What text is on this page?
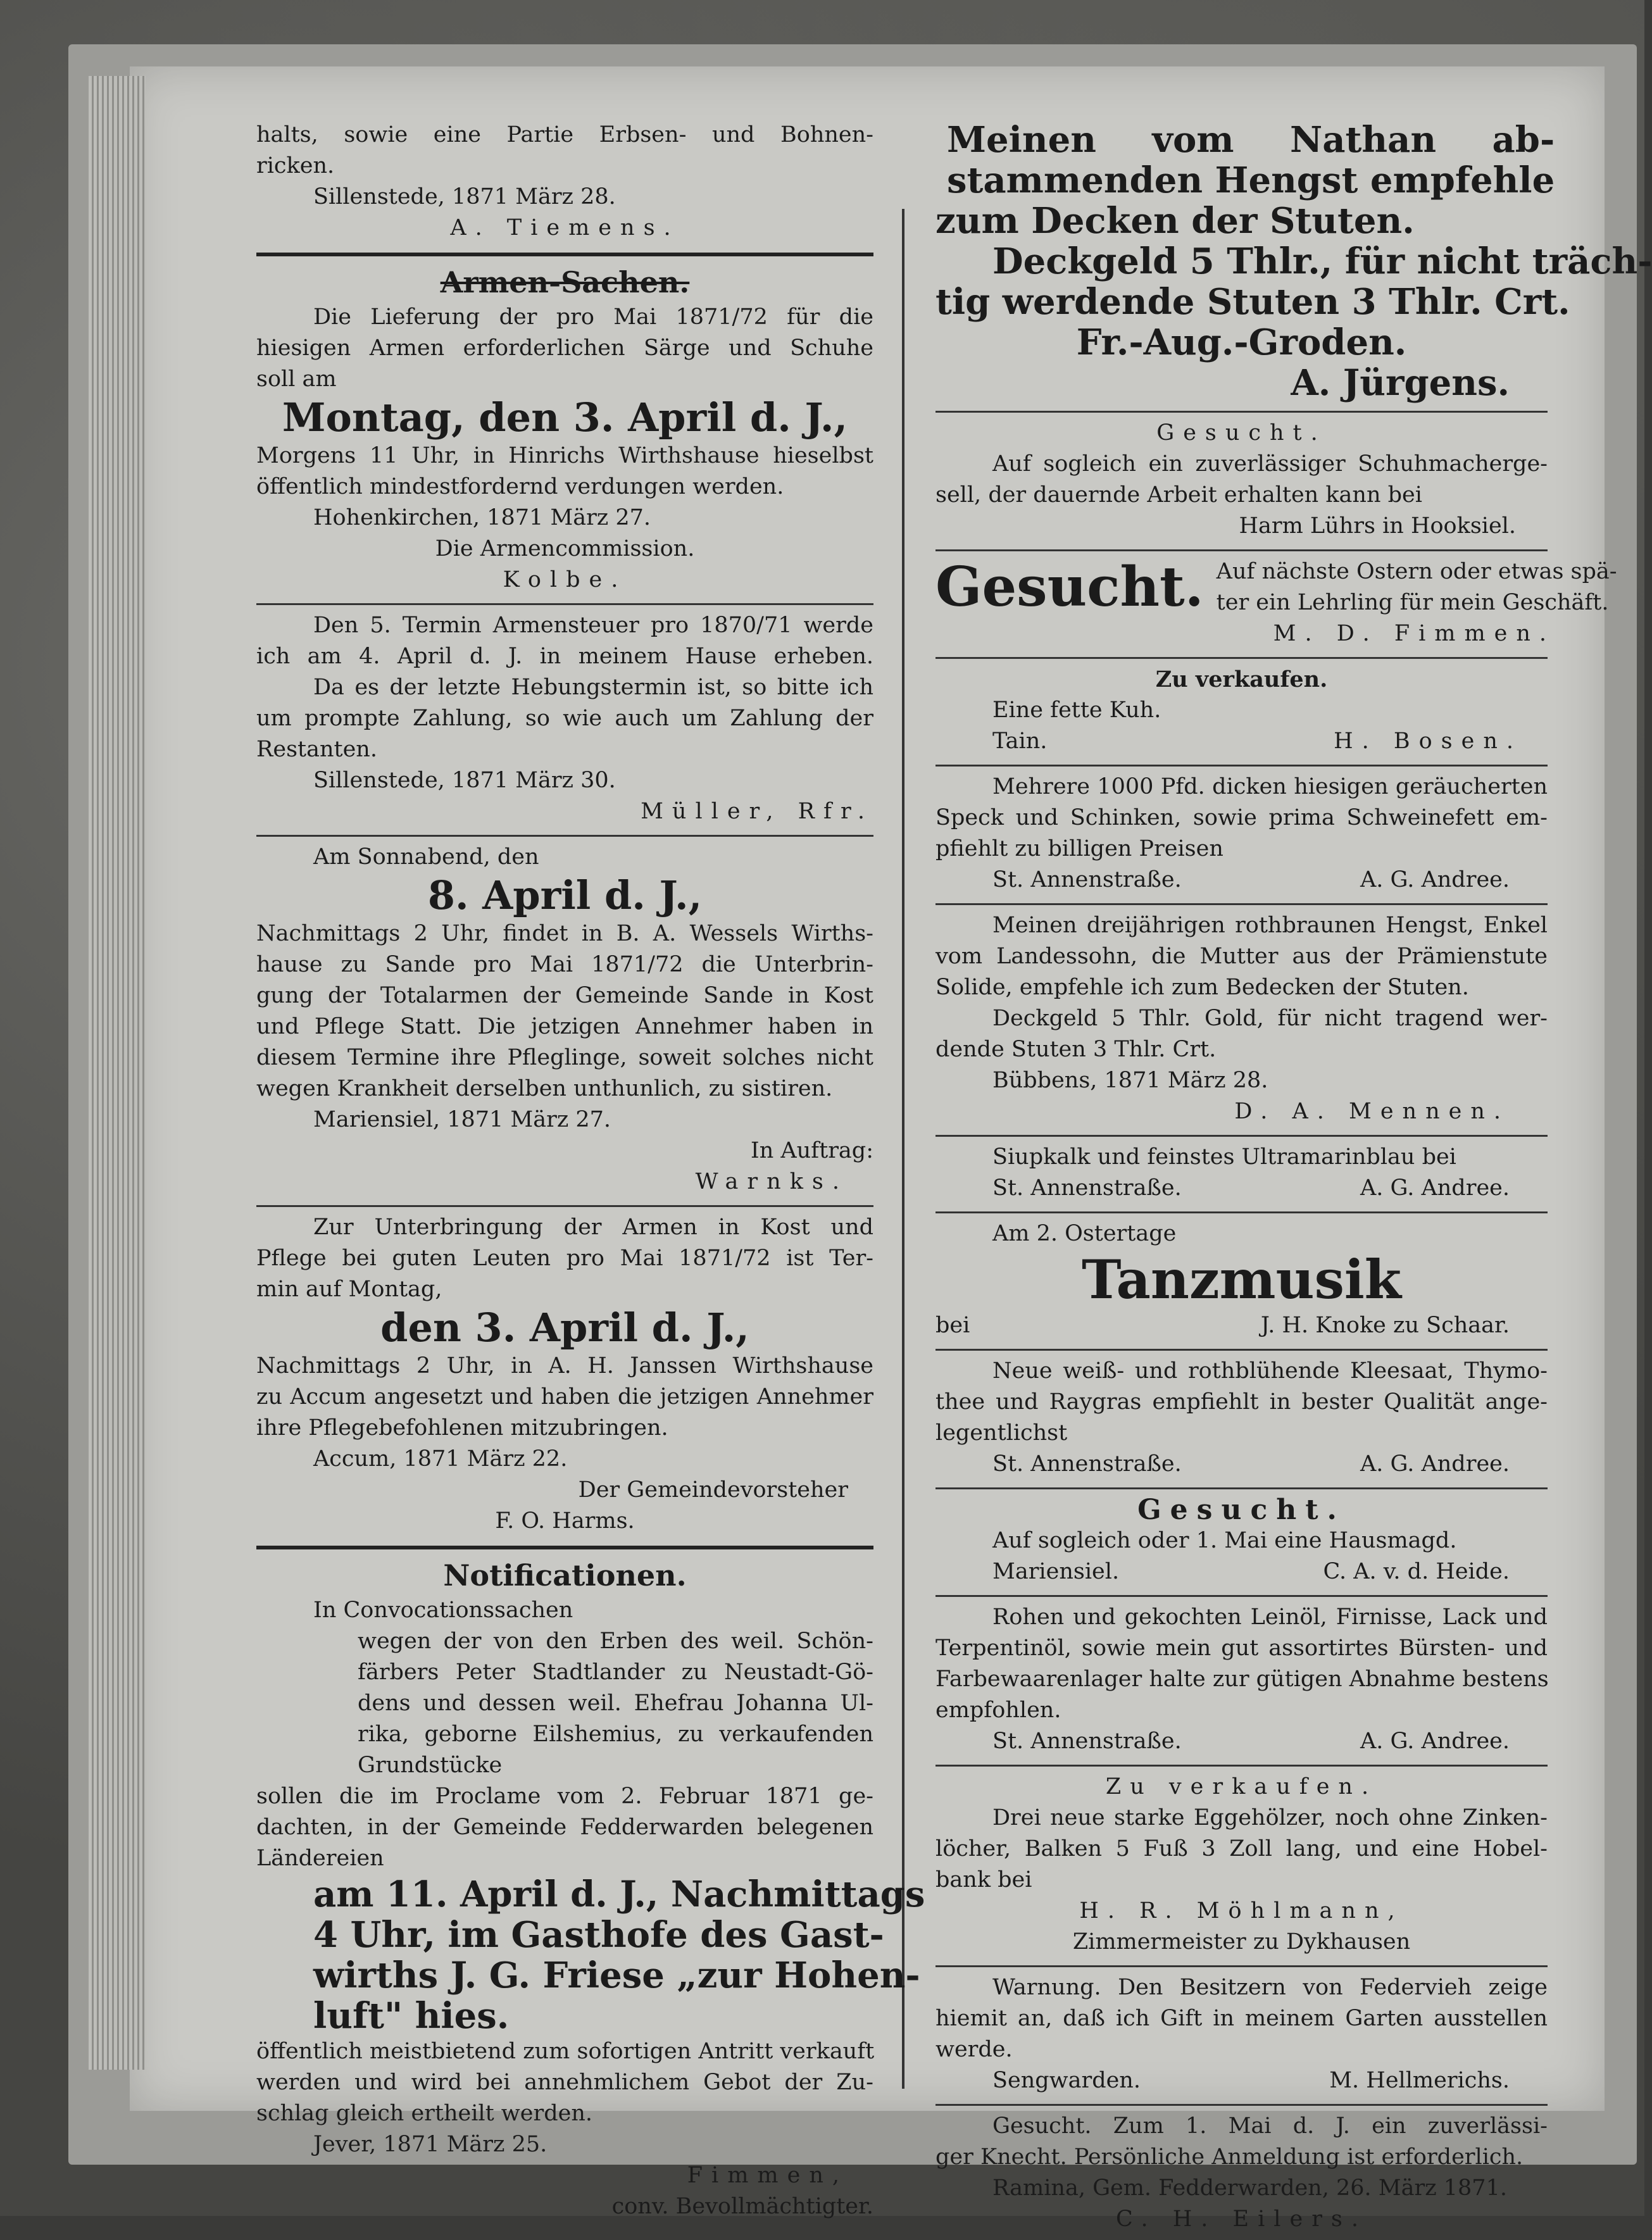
halts, sowie eine Partie Erbsen- und Bohnen-
ricken.
Sillenstede, 1871 März 28.
A. Tiemens.
Armen-Sachen.
Die Lieferung der pro Mai 1871/72 für die
hiesigen Armen erforderlichen Särge und Schuhe
soll am
Montag, den 3. April d. J.,
Morgens 11 Uhr, in Hinrichs Wirthshause hieselbst
öffentlich mindestfordernd verdungen werden.
Hohenkirchen, 1871 März 27.
Die Armencommission.
Kolbe.
Den 5. Termin Armensteuer pro 1870/71 werde
ich am 4. April d. J. in meinem Hause erheben.
Da es der letzte Hebungstermin ist, so bitte ich
um prompte Zahlung, so wie auch um Zahlung der
Restanten.
Sillenstede, 1871 März 30.
Müller, Rfr.
Am Sonnabend, den
8. April d. J.,
Nachmittags 2 Uhr, findet in B. A. Wessels Wirths-
hause zu Sande pro Mai 1871/72 die Unterbrin-
gung der Totalarmen der Gemeinde Sande in Kost
und Pflege Statt. Die jetzigen Annehmer haben in
diesem Termine ihre Pfleglinge, soweit solches nicht
wegen Krankheit derselben unthunlich, zu sistiren.
Mariensiel, 1871 März 27.
In Auftrag:
Warnks.
Zur Unterbringung der Armen in Kost und
Pflege bei guten Leuten pro Mai 1871/72 ist Ter-
min auf Montag,
den 3. April d. J.,
Nachmittags 2 Uhr, in A. H. Janssen Wirthshause
zu Accum angesetzt und haben die jetzigen Annehmer
ihre Pflegebefohlenen mitzubringen.
Accum, 1871 März 22.
Der Gemeindevorsteher
F. O. Harms.
Notificationen.
In Convocationssachen
wegen der von den Erben des weil. Schön-
färbers Peter Stadtlander zu Neustadt-Gö-
dens und dessen weil. Ehefrau Johanna Ul-
rika, geborne Eilshemius, zu verkaufenden
Grundstücke
sollen die im Proclame vom 2. Februar 1871 ge-
dachten, in der Gemeinde Fedderwarden belegenen
Ländereien
am 11. April d. J., Nachmittags
4 Uhr, im Gasthofe des Gast-
wirths J. G. Friese „zur Hohen-
luft" hies.
öffentlich meistbietend zum sofortigen Antritt verkauft
werden und wird bei annehmlichem Gebot der Zu-
schlag gleich ertheilt werden.
Jever, 1871 März 25.
Fimmen,
conv. Bevollmächtigter.
Meinen vom Nathan ab-
stammenden Hengst empfehle
zum Decken der Stuten.
Deckgeld 5 Thlr., für nicht träch-
tig werdende Stuten 3 Thlr. Crt.
Fr.-Aug.-Groden.
A. Jürgens.
Gesucht.
Auf sogleich ein zuverlässiger Schuhmacherge-
sell, der dauernde Arbeit erhalten kann bei
Harm Lührs in Hooksiel.
Gesucht. Auf nächste Ostern oder etwas spä-
ter ein Lehrling für mein Geschäft.
M. D. Fimmen.
Zu verkaufen.
Eine fette Kuh.
Tain.	H. Bosen.
Mehrere 1000 Pfd. dicken hiesigen geräucherten
Speck und Schinken, sowie prima Schweinefett em-
pfiehlt zu billigen Preisen
St. Annenstraße.	A. G. Andree.
Meinen dreijährigen rothbraunen Hengst, Enkel
vom Landessohn, die Mutter aus der Prämienstute
Solide, empfehle ich zum Bedecken der Stuten.
Deckgeld 5 Thlr. Gold, für nicht tragend wer-
dende Stuten 3 Thlr. Crt.
Bübbens, 1871 März 28.
D. A. Mennen.
Siupkalk und feinstes Ultramarinblau bei
St. Annenstraße.	A. G. Andree.
Am 2. Ostertage
Tanzmusik
bei	J. H. Knoke zu Schaar.
Neue weiß- und rothblühende Kleesaat, Thymo-
thee und Raygras empfiehlt in bester Qualität ange-
legentlichst
St. Annenstraße.	A. G. Andree.
Gesucht.
Auf sogleich oder 1. Mai eine Hausmagd.
Mariensiel.	C. A. v. d. Heide.
Rohen und gekochten Leinöl, Firnisse, Lack und
Terpentinöl, sowie mein gut assortirtes Bürsten- und
Farbewaarenlager halte zur gütigen Abnahme bestens
empfohlen.
St. Annenstraße.	A. G. Andree.
Zu verkaufen.
Drei neue starke Eggehölzer, noch ohne Zinken-
löcher, Balken 5 Fuß 3 Zoll lang, und eine Hobel-
bank bei
H. R. Möhlmann,
Zimmermeister zu Dykhausen
Warnung. Den Besitzern von Federvieh zeige
hiemit an, daß ich Gift in meinem Garten ausstellen
werde.
Sengwarden.	M. Hellmerichs.
Gesucht. Zum 1. Mai d. J. ein zuverlässi-
ger Knecht. Persönliche Anmeldung ist erforderlich.
Ramina, Gem. Fedderwarden, 26. März 1871.
C. H. Eilers.
